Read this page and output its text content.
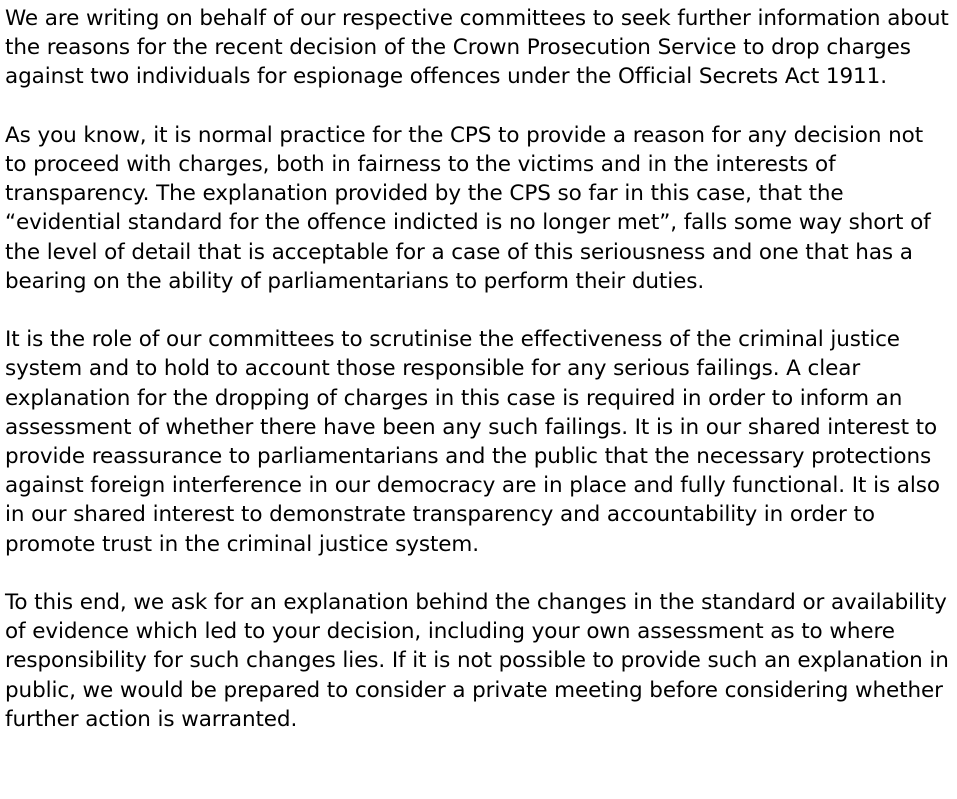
We are writing on behalf of our respective committees to seek further information about the reasons for the recent decision of the Crown Prosecution Service to drop charges against two individuals for espionage offences under the Official Secrets Act 1911.

As you know, it is normal practice for the CPS to provide a reason for any decision not to proceed with charges, both in fairness to the victims and in the interests of transparency. The explanation provided by the CPS so far in this case, that the “evidential standard for the offence indicted is no longer met”, falls some way short of the level of detail that is acceptable for a case of this seriousness and one that has a bearing on the ability of parliamentarians to perform their duties.

It is the role of our committees to scrutinise the effectiveness of the criminal justice system and to hold to account those responsible for any serious failings. A clear explanation for the dropping of charges in this case is required in order to inform an assessment of whether there have been any such failings. It is in our shared interest to provide reassurance to parliamentarians and the public that the necessary protections against foreign interference in our democracy are in place and fully functional. It is also in our shared interest to demonstrate transparency and accountability in order to promote trust in the criminal justice system.

To this end, we ask for an explanation behind the changes in the standard or availability of evidence which led to your decision, including your own assessment as to where responsibility for such changes lies. If it is not possible to provide such an explanation in public, we would be prepared to consider a private meeting before considering whether further action is warranted.
